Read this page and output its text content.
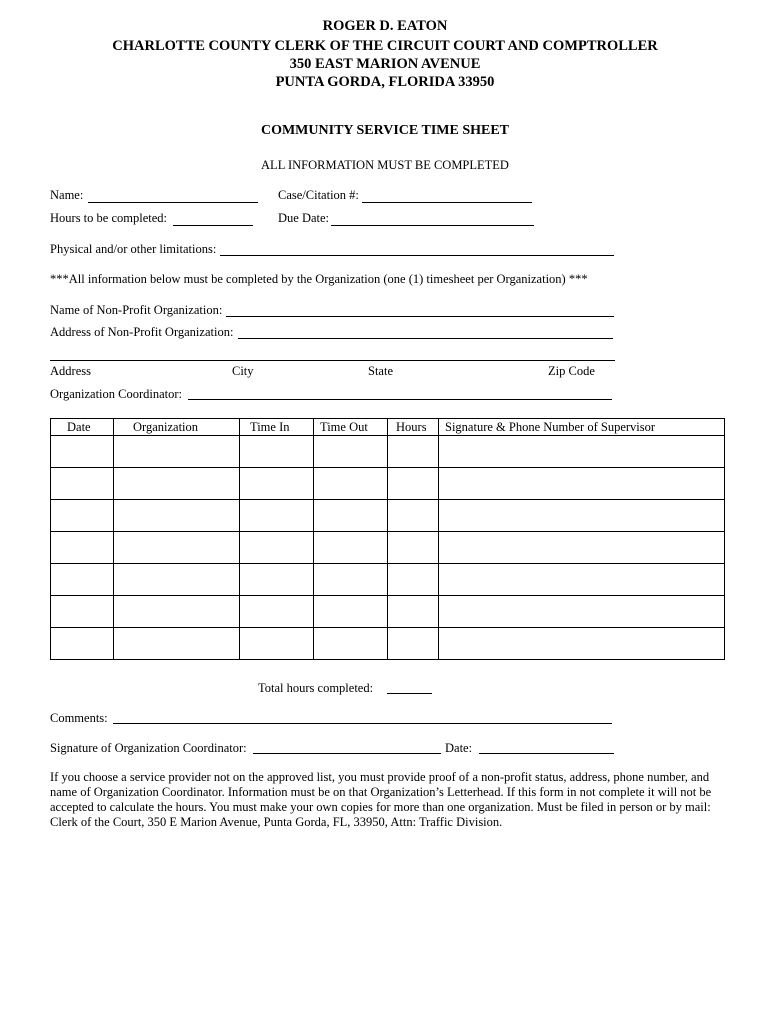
ROGER D. EATON
CHARLOTTE COUNTY CLERK OF THE CIRCUIT COURT AND COMPTROLLER
350 EAST MARION AVENUE
PUNTA GORDA, FLORIDA 33950
COMMUNITY SERVICE TIME SHEET
ALL INFORMATION MUST BE COMPLETED
Name:	Case/Citation #:
Hours to be completed:	Due Date:
Physical and/or other limitations:
***All information below must be completed by the Organization (one (1) timesheet per Organization) ***
Name of Non-Profit Organization:
Address of Non-Profit Organization:
Address	City	State	Zip Code
Organization Coordinator:
Date	Organization	Time In	Time Out	Hours	Signature & Phone Number of Supervisor

Total hours completed:
Comments:
Signature of Organization Coordinator:	Date:
If you choose a service provider not on the approved list, you must provide proof of a non-profit status, address, phone number, and name of Organization Coordinator. Information must be on that Organization’s Letterhead. If this form in not complete it will not be accepted to calculate the hours. You must make your own copies for more than one organization. Must be filed in person or by mail:
Clerk of the Court, 350 E Marion Avenue, Punta Gorda, FL, 33950, Attn: Traffic Division.
